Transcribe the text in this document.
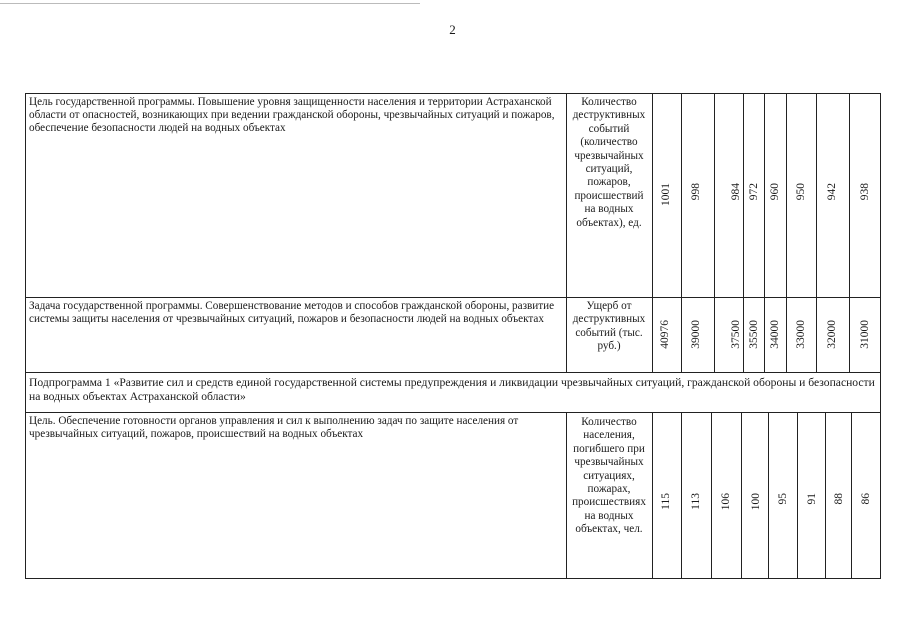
2
Цель государственной программы. Повышение уровня защищенности населения и территории Астраханской области от опасностей, возникающих при ведении гражданской обороны, чрезвычайных ситуаций и пожаров, обеспечение безопасности людей на водных объектах
Количество деструктивных событий (количество чрезвычайных ситуаций, пожаров, происшествий на водных объектах), ед.
1001 998 984 972 960 950 942 938
Задача государственной программы. Совершенствование методов и способов гражданской обороны, развитие системы защиты населения от чрезвычайных ситуаций, пожаров и безопасности людей на водных объектах
Ущерб от деструктивных событий (тыс. руб.)	40976 39000 37500 35500 34000 33000 32000 31000
Подпрограмма 1 «Развитие сил и средств единой государственной системы предупреждения и ликвидации чрезвычайных ситуаций, гражданской обороны и безопасности на водных объектах Астраханской области»
Цель. Обеспечение готовности органов управления и сил к выполнению задач по защите населения от чрезвычайных ситуаций, пожаров, происшествий на водных объектах
Количество населения, погибшего при чрезвычайных ситуациях, пожарах, происшествиях на водных объектах, чел.
115 113 106 100 95 91 88 86
